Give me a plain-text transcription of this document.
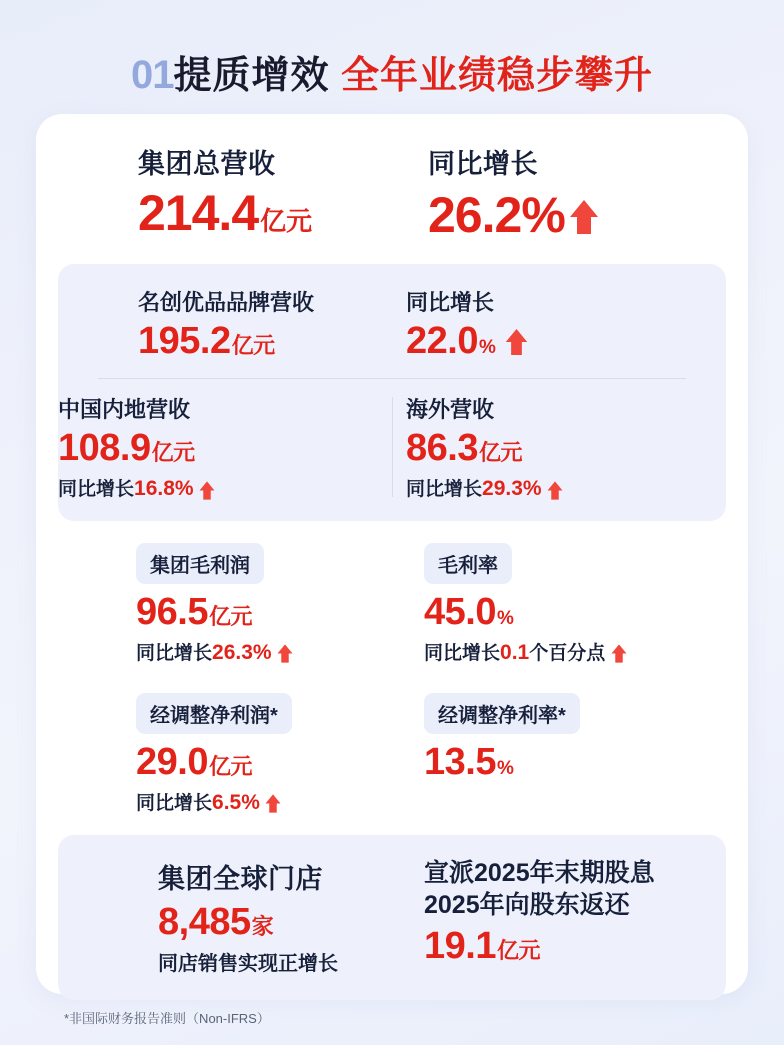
01提质增效 全年业绩稳步攀升
集团总营收
214.4亿元
同比增长
26.2%
名创优品品牌营收
195.2亿元
同比增长
22.0%
中国内地营收
108.9亿元
同比增长16.8%
海外营收
86.3亿元
同比增长29.3%
集团毛利润
96.5亿元
同比增长26.3%
毛利率
45.0%
同比增长0.1个百分点
经调整净利润*
29.0亿元
同比增长6.5%
经调整净利率*
13.5%
集团全球门店
8,485家
同店销售实现正增长
宣派2025年末期股息
2025年向股东返还
19.1亿元
*非国际财务报告准则（Non-IFRS）
